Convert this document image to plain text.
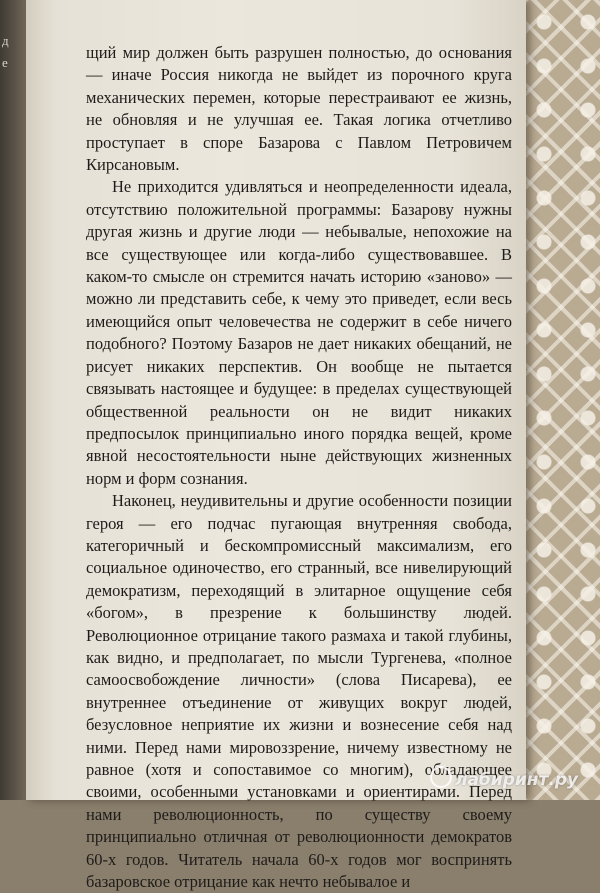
д
е

щий мир должен быть разрушен полностью, до основания — иначе Россия никогда не выйдет из порочного круга механических перемен, которые перестраивают ее жизнь, не обновляя и не улучшая ее. Такая логика отчетливо проступает в споре Базарова с Павлом Петровичем Кирсановым.

Не приходится удивляться и неопределенности идеала, отсутствию положительной программы: Базарову нужны другая жизнь и другие люди — небывалые, непохожие на все существующее или когда-либо существовавшее. В каком-то смысле он стремится начать историю «заново» — можно ли представить себе, к чему это приведет, если весь имеющийся опыт человечества не содержит в себе ничего подобного? Поэтому Базаров не дает никаких обещаний, не рисует никаких перспектив. Он вообще не пытается связывать настоящее и будущее: в пределах существующей общественной реальности он не видит никаких предпосылок принципиально иного порядка вещей, кроме явной несостоятельности ныне действующих жизненных норм и форм сознания.

Наконец, неудивительны и другие особенности позиции героя — его подчас пугающая внутренняя свобода, категоричный и бескомпромиссный максимализм, его социальное одиночество, его странный, все нивелирующий демократизм, переходящий в элитарное ощущение себя «богом», в презрение к большинству людей. Революционное отрицание такого размаха и такой глубины, как видно, и предполагает, по мысли Тургенева, «полное самоосвобождение личности» (слова Писарева), ее внутреннее отъединение от живущих вокруг людей, безусловное неприятие их жизни и вознесение себя над ними. Перед нами мировоззрение, ничему известному не равное (хотя и сопоставимое со многим), обладающее своими, особенными установками и ориентирами. Перед нами революционность, по существу своему принципиально отличная от революционности демократов 60-х годов. Читатель начала 60-х годов мог воспринять базаровское отрицание как нечто небывалое и

лабиринт.ру
